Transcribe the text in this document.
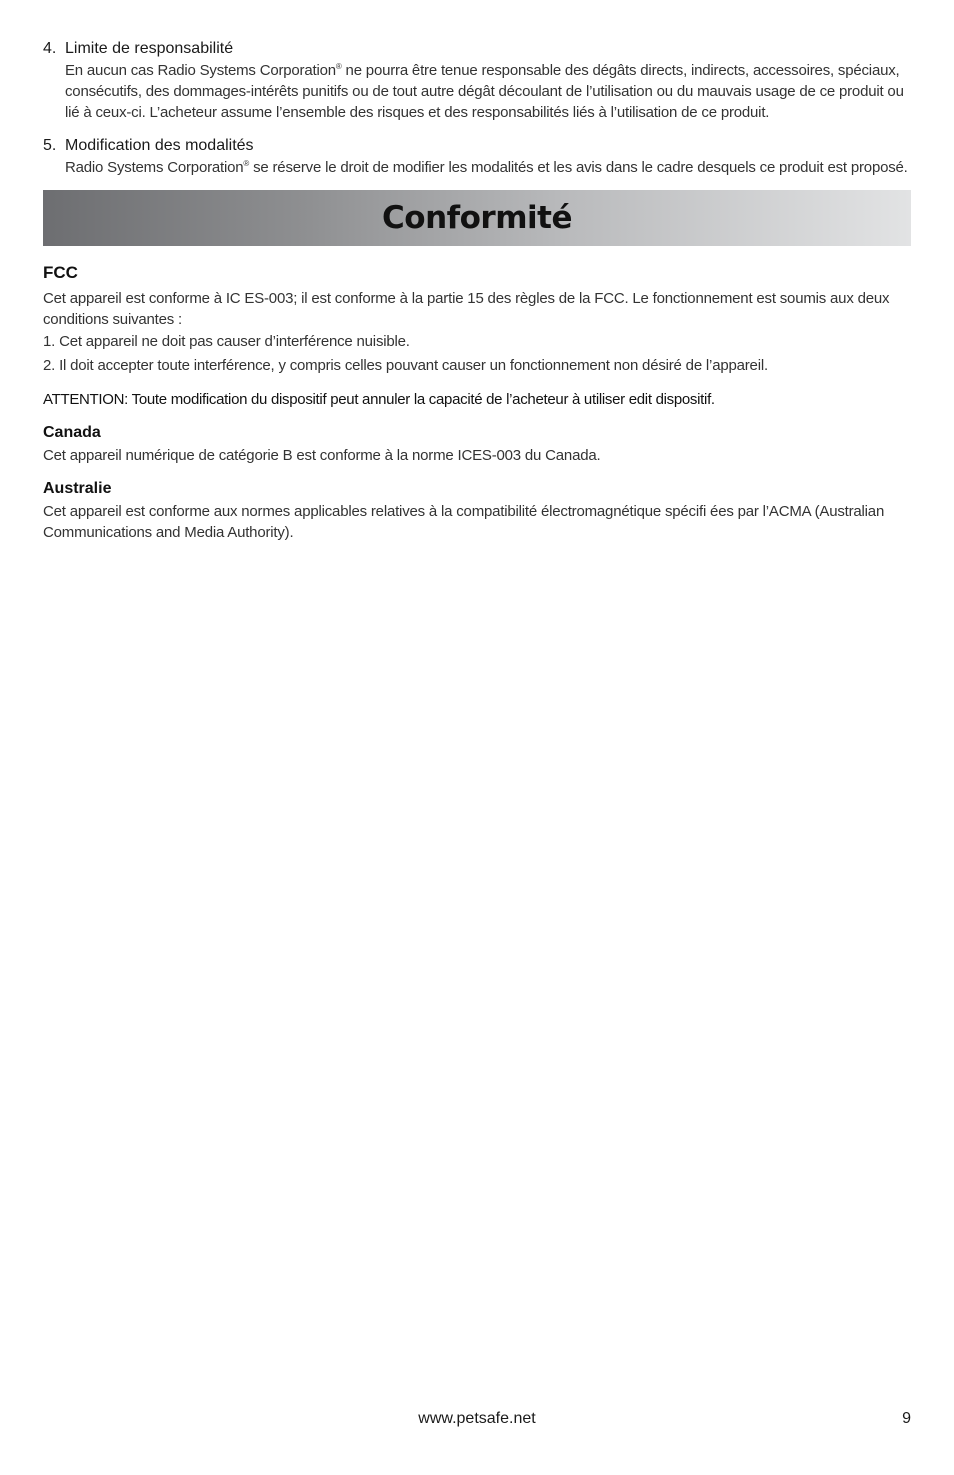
4. Limite de responsabilité
En aucun cas Radio Systems Corporation® ne pourra être tenue responsable des dégâts directs, indirects, accessoires, spéciaux, consécutifs, des dommages-intérêts punitifs ou de tout autre dégât découlant de l’utilisation ou du mauvais usage de ce produit ou lié à ceux-ci. L’acheteur assume l’ensemble des risques et des responsabilités liés à l’utilisation de ce produit.
5. Modification des modalités
Radio Systems Corporation® se réserve le droit de modifier les modalités et les avis dans le cadre desquels ce produit est proposé.
Conformité
FCC
Cet appareil est conforme à IC ES-003; il est conforme à la partie 15 des règles de la FCC. Le fonctionnement est soumis aux deux conditions suivantes :
1. Cet appareil ne doit pas causer d’interférence nuisible.
2. Il doit accepter toute interférence, y compris celles pouvant causer un fonctionnement non désiré de l’appareil.
ATTENTION: Toute modification du dispositif peut annuler la capacité de l’acheteur à utiliser edit dispositif.
Canada
Cet appareil numérique de catégorie B est conforme à la norme ICES-003 du Canada.
Australie
Cet appareil est conforme aux normes applicables relatives à la compatibilité électromagnétique spécifi ées par l’ACMA (Australian Communications and Media Authority).
www.petsafe.net	9
